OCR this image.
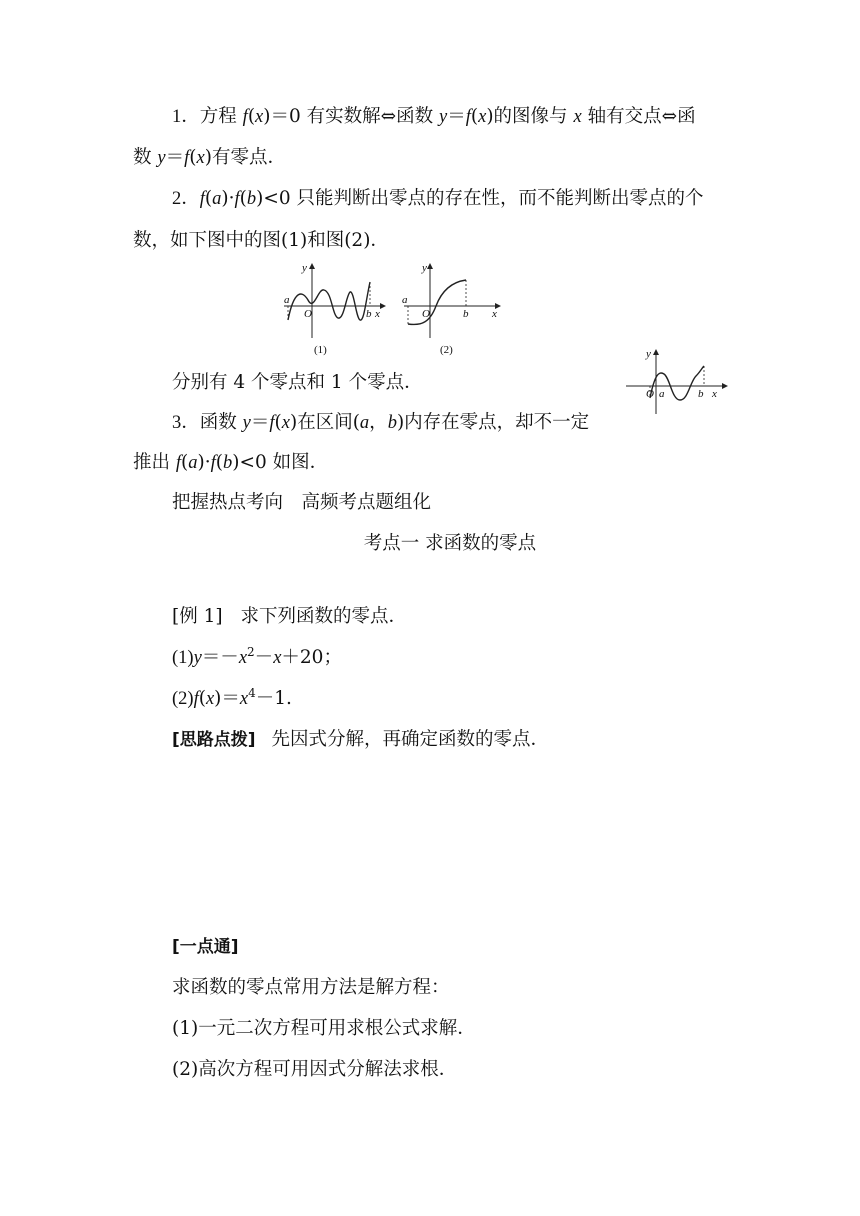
1．方程 f(x)＝0 有实数解⇔函数 y＝f(x)的图像与 x 轴有交点⇔函
数 y＝f(x)有零点．
2．f(a)·f(b)<0 只能判断出零点的存在性，而不能判断出零点的个
数，如下图中的图(1)和图(2)．
y
a
O	b x
(1)
y
a
O	b x
(2)	y
O a	b x
分别有 4 个零点和 1 个零点．
3．函数 y＝f(x)在区间(a，b)内存在零点，却不一定
推出 f(a)·f(b)<0 如图．
把握热点考向　高频考点题组化
考点一 求函数的零点
[例 1] 求下列函数的零点．
$(1)y=-x^2-x+20$；
$(2)f(x)=x^4-1$.
[思路点拨] 先因式分解，再确定函数的零点．
[一点通]
求函数的零点常用方法是解方程：
(1)一元二次方程可用求根公式求解．
(2)高次方程可用因式分解法求根．
